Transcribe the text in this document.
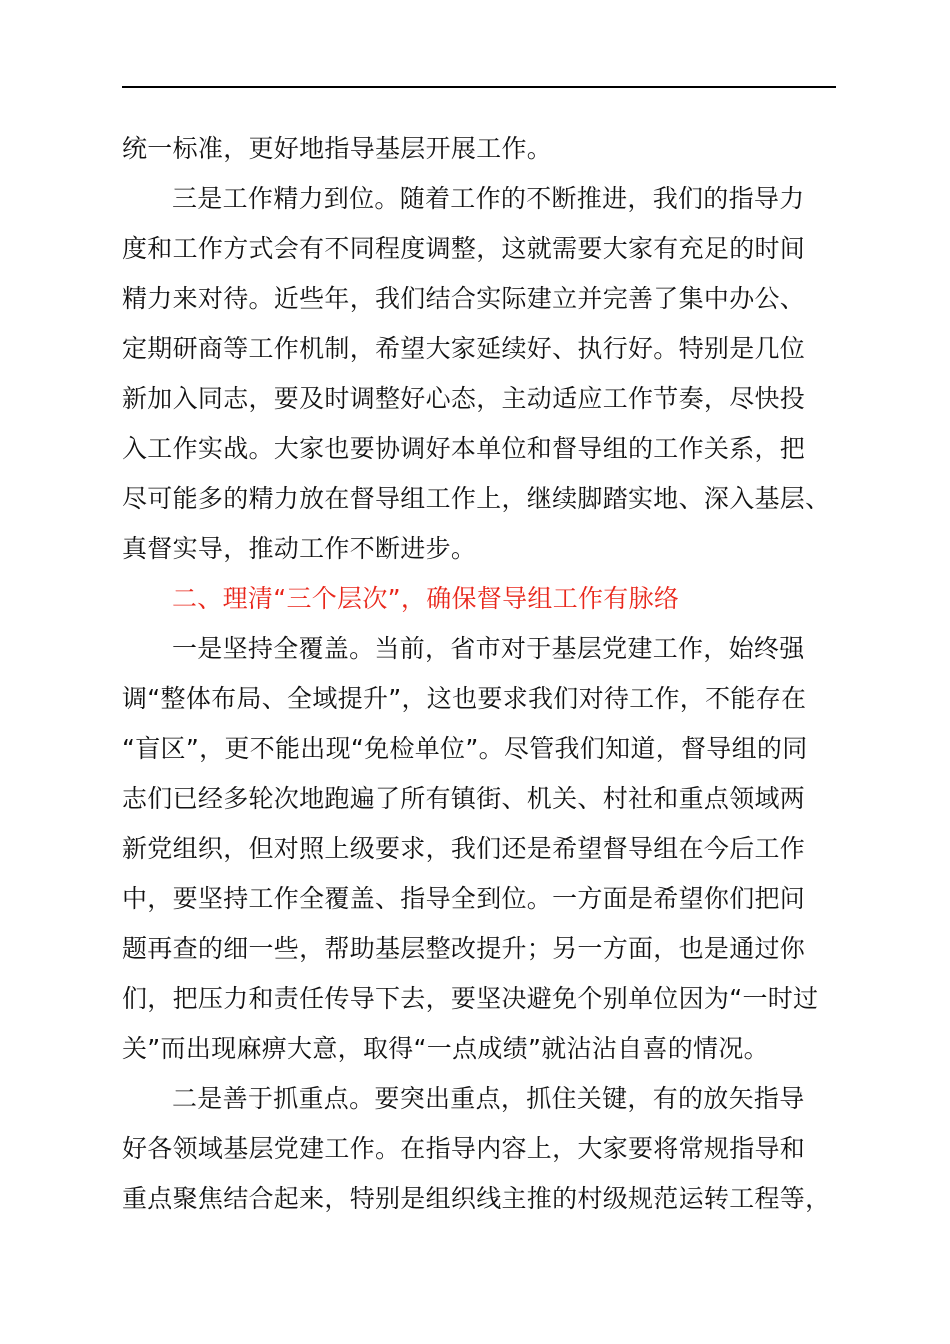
统一标准，更好地指导基层开展工作。
三是工作精力到位。随着工作的不断推进，我们的指导力
度和工作方式会有不同程度调整，这就需要大家有充足的时间
精力来对待。近些年，我们结合实际建立并完善了集中办公、
定期研商等工作机制，希望大家延续好、执行好。特别是几位
新加入同志，要及时调整好心态，主动适应工作节奏，尽快投
入工作实战。大家也要协调好本单位和督导组的工作关系，把
尽可能多的精力放在督导组工作上，继续脚踏实地、深入基层、
真督实导，推动工作不断进步。
二、理清“三个层次”，确保督导组工作有脉络
一是坚持全覆盖。当前，省市对于基层党建工作，始终强
调“整体布局、全域提升”，这也要求我们对待工作，不能存在
“盲区”，更不能出现“免检单位”。尽管我们知道，督导组的同
志们已经多轮次地跑遍了所有镇街、机关、村社和重点领域两
新党组织，但对照上级要求，我们还是希望督导组在今后工作
中，要坚持工作全覆盖、指导全到位。一方面是希望你们把问
题再查的细一些，帮助基层整改提升；另一方面，也是通过你
们，把压力和责任传导下去，要坚决避免个别单位因为“一时过
关”而出现麻痹大意，取得“一点成绩”就沾沾自喜的情况。
二是善于抓重点。要突出重点，抓住关键，有的放矢指导
好各领域基层党建工作。在指导内容上，大家要将常规指导和
重点聚焦结合起来，特别是组织线主推的村级规范运转工程等，
